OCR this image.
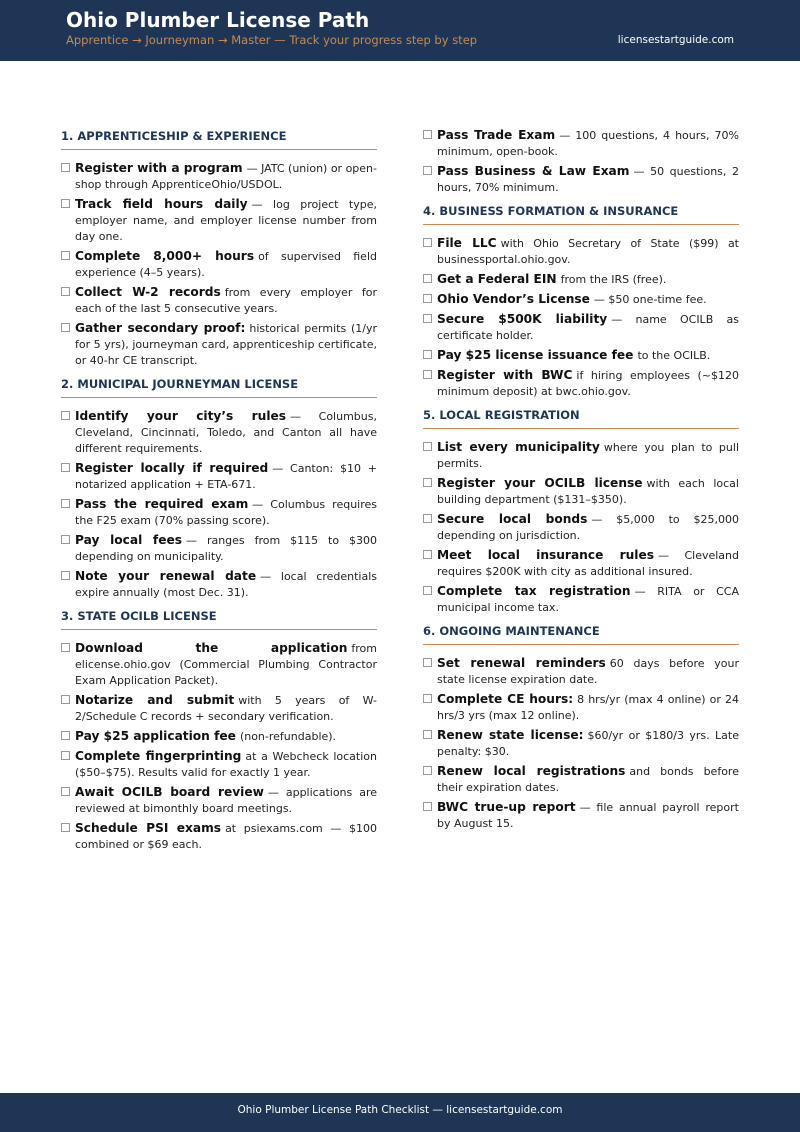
Ohio Plumber License Path
Apprentice → Journeyman → Master — Track your progress step by step	licensestartguide.com
1. APPRENTICESHIP & EXPERIENCE
Register with a program — JATC (union) or open-shop through ApprenticeOhio/USDOL.
Track field hours daily — log project type, employer name, and employer license number from day one.
Complete 8,000+ hours of supervised field experience (4–5 years).
Collect W-2 records from every employer for each of the last 5 consecutive years.
Gather secondary proof: historical permits (1/yr for 5 yrs), journeyman card, apprenticeship certificate, or 40-hr CE transcript.
2. MUNICIPAL JOURNEYMAN LICENSE
Identify your city’s rules — Columbus, Cleveland, Cincinnati, Toledo, and Canton all have different requirements.
Register locally if required — Canton: $10 + notarized application + ETA-671.
Pass the required exam — Columbus requires the F25 exam (70% passing score).
Pay local fees — ranges from $115 to $300 depending on municipality.
Note your renewal date — local credentials expire annually (most Dec. 31).
3. STATE OCILB LICENSE
Download the application from elicense.ohio.gov (Commercial Plumbing Contractor Exam Application Packet).
Notarize and submit with 5 years of W-2/Schedule C records + secondary verification.
Pay $25 application fee (non-refundable).
Complete fingerprinting at a Webcheck location ($50–$75). Results valid for exactly 1 year.
Await OCILB board review — applications are reviewed at bimonthly board meetings.
Schedule PSI exams at psiexams.com — $100 combined or $69 each.
Pass Trade Exam — 100 questions, 4 hours, 70% minimum, open-book.
Pass Business & Law Exam — 50 questions, 2 hours, 70% minimum.
4. BUSINESS FORMATION & INSURANCE
File LLC with Ohio Secretary of State ($99) at businessportal.ohio.gov.
Get a Federal EIN from the IRS (free).
Ohio Vendor’s License — $50 one-time fee.
Secure $500K liability — name OCILB as certificate holder.
Pay $25 license issuance fee to the OCILB.
Register with BWC if hiring employees (~$120 minimum deposit) at bwc.ohio.gov.
5. LOCAL REGISTRATION
List every municipality where you plan to pull permits.
Register your OCILB license with each local building department ($131–$350).
Secure local bonds — $5,000 to $25,000 depending on jurisdiction.
Meet local insurance rules — Cleveland requires $200K with city as additional insured.
Complete tax registration — RITA or CCA municipal income tax.
6. ONGOING MAINTENANCE
Set renewal reminders 60 days before your state license expiration date.
Complete CE hours: 8 hrs/yr (max 4 online) or 24 hrs/3 yrs (max 12 online).
Renew state license: $60/yr or $180/3 yrs. Late penalty: $30.
Renew local registrations and bonds before their expiration dates.
BWC true-up report — file annual payroll report by August 15.
Ohio Plumber License Path Checklist — licensestartguide.com
